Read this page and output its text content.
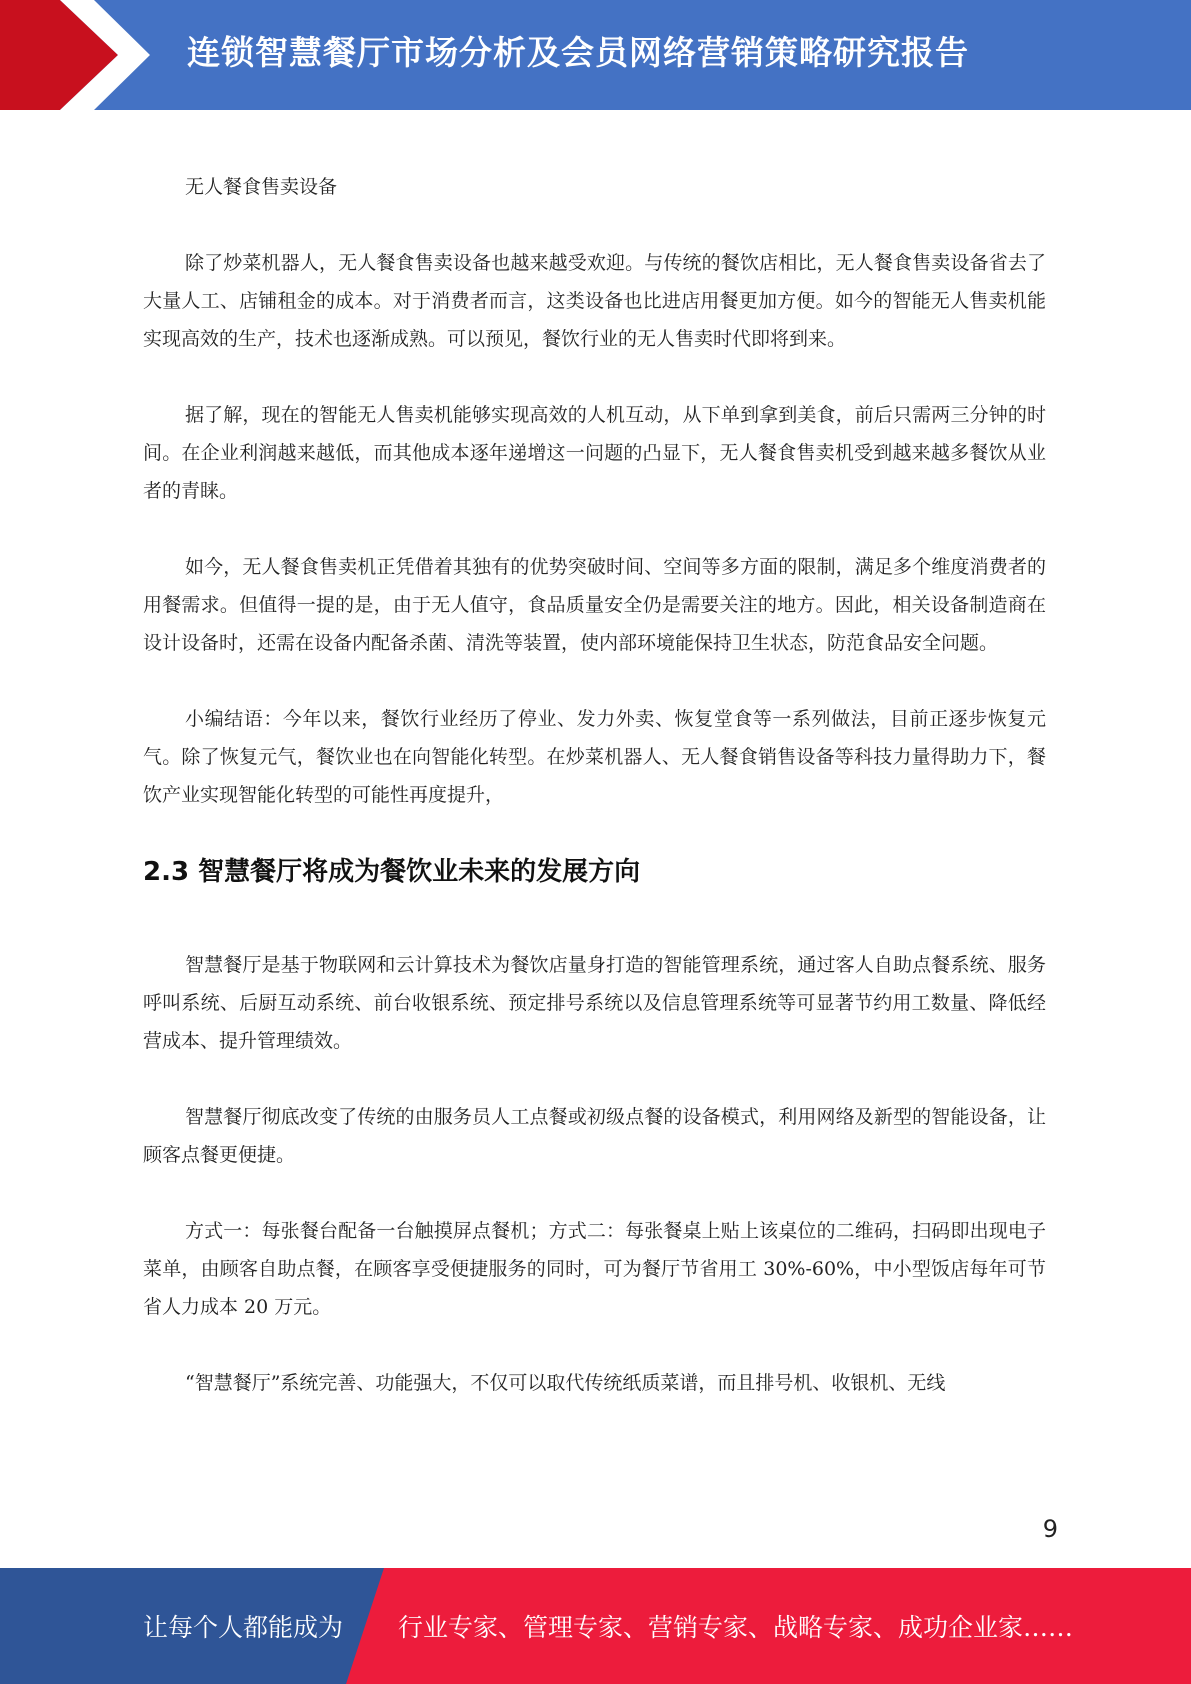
连锁智慧餐厅市场分析及会员网络营销策略研究报告

无人餐食售卖设备

除了炒菜机器人，无人餐食售卖设备也越来越受欢迎。与传统的餐饮店相比，无人餐食售卖设备省去了大量人工、店铺租金的成本。对于消费者而言，这类设备也比进店用餐更加方便。如今的智能无人售卖机能实现高效的生产，技术也逐渐成熟。可以预见，餐饮行业的无人售卖时代即将到来。

据了解，现在的智能无人售卖机能够实现高效的人机互动，从下单到拿到美食，前后只需两三分钟的时间。在企业利润越来越低，而其他成本逐年递增这一问题的凸显下，无人餐食售卖机受到越来越多餐饮从业者的青睐。

如今，无人餐食售卖机正凭借着其独有的优势突破时间、空间等多方面的限制，满足多个维度消费者的用餐需求。但值得一提的是，由于无人值守，食品质量安全仍是需要关注的地方。因此，相关设备制造商在设计设备时，还需在设备内配备杀菌、清洗等装置，使内部环境能保持卫生状态，防范食品安全问题。

小编结语：今年以来，餐饮行业经历了停业、发力外卖、恢复堂食等一系列做法，目前正逐步恢复元气。除了恢复元气，餐饮业也在向智能化转型。在炒菜机器人、无人餐食销售设备等科技力量得助力下，餐饮产业实现智能化转型的可能性再度提升，

2.3 智慧餐厅将成为餐饮业未来的发展方向

智慧餐厅是基于物联网和云计算技术为餐饮店量身打造的智能管理系统，通过客人自助点餐系统、服务呼叫系统、后厨互动系统、前台收银系统、预定排号系统以及信息管理系统等可显著节约用工数量、降低经营成本、提升管理绩效。

智慧餐厅彻底改变了传统的由服务员人工点餐或初级点餐的设备模式，利用网络及新型的智能设备，让顾客点餐更便捷。

方式一：每张餐台配备一台触摸屏点餐机；方式二：每张餐桌上贴上该桌位的二维码，扫码即出现电子菜单，由顾客自助点餐，在顾客享受便捷服务的同时，可为餐厅节省用工 30%-60%，中小型饭店每年可节省人力成本 20 万元。

“智慧餐厅”系统完善、功能强大，不仅可以取代传统纸质菜谱，而且排号机、收银机、无线

9
让每个人都能成为 行业专家、管理专家、营销专家、战略专家、成功企业家……
